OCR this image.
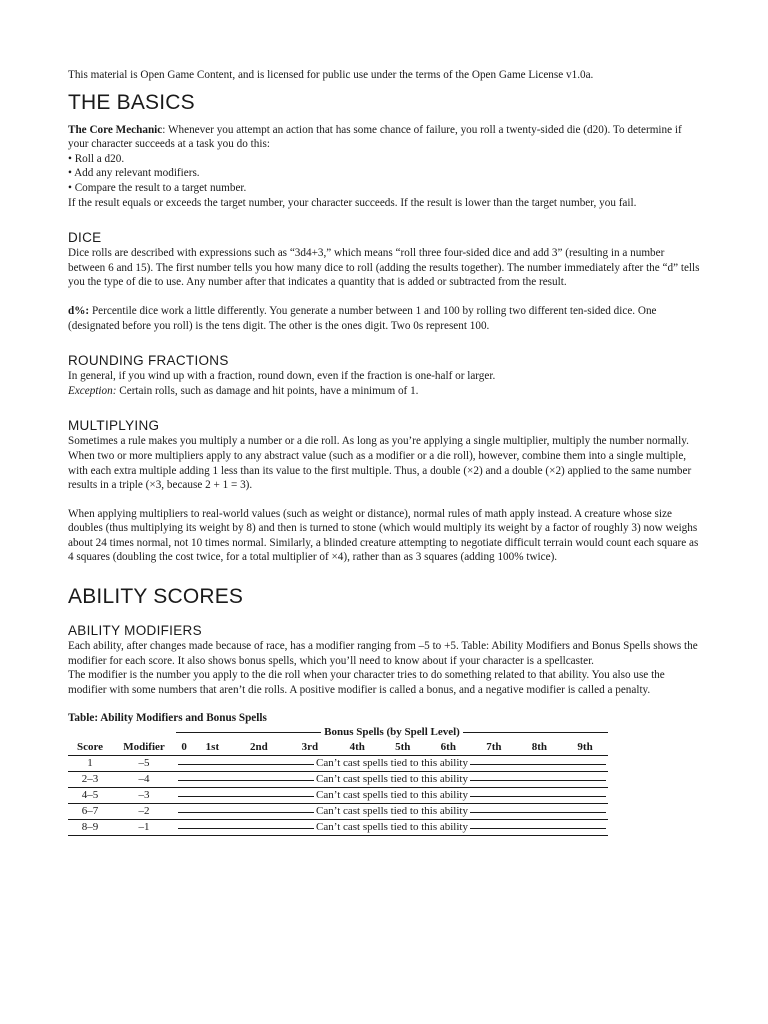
This material is Open Game Content, and is licensed for public use under the terms of the Open Game License v1.0a.

THE BASICS

The Core Mechanic: Whenever you attempt an action that has some chance of failure, you roll a twenty-sided die (d20). To determine if your character succeeds at a task you do this:

• Roll a d20.

• Add any relevant modifiers.

• Compare the result to a target number.

If the result equals or exceeds the target number, your character succeeds. If the result is lower than the target number, you fail.

DICE

Dice rolls are described with expressions such as “3d4+3,” which means “roll three four-sided dice and add 3” (resulting in a number between 6 and 15). The first number tells you how many dice to roll (adding the results together). The number immediately after the “d” tells you the type of die to use. Any number after that indicates a quantity that is added or subtracted from the result.

d%: Percentile dice work a little differently. You generate a number between 1 and 100 by rolling two different ten-sided dice. One (designated before you roll) is the tens digit. The other is the ones digit. Two 0s represent 100.

ROUNDING FRACTIONS

In general, if you wind up with a fraction, round down, even if the fraction is one-half or larger.

Exception: Certain rolls, such as damage and hit points, have a minimum of 1.

MULTIPLYING

Sometimes a rule makes you multiply a number or a die roll. As long as you’re applying a single multiplier, multiply the number normally. When two or more multipliers apply to any abstract value (such as a modifier or a die roll), however, combine them into a single multiple, with each extra multiple adding 1 less than its value to the first multiple. Thus, a double (×2) and a double (×2) applied to the same number results in a triple (×3, because 2 + 1 = 3).

When applying multipliers to real-world values (such as weight or distance), normal rules of math apply instead. A creature whose size doubles (thus multiplying its weight by 8) and then is turned to stone (which would multiply its weight by a factor of roughly 3) now weighs about 24 times normal, not 10 times normal. Similarly, a blinded creature attempting to negotiate difficult terrain would count each square as 4 squares (doubling the cost twice, for a total multiplier of ×4), rather than as 3 squares (adding 100% twice).

ABILITY SCORES
ABILITY MODIFIERS

Each ability, after changes made because of race, has a modifier ranging from –5 to +5. Table: Ability Modifiers and Bonus Spells shows the modifier for each score. It also shows bonus spells, which you’ll need to know about if your character is a spellcaster.

The modifier is the number you apply to the die roll when your character tries to do something related to that ability. You also use the modifier with some numbers that aren’t die rolls. A positive modifier is called a bonus, and a negative modifier is called a penalty.

Table: Ability Modifiers and Bonus Spells

Bonus Spells (by Spell Level)									
Score	Modifier	0	1st	2nd	3rd	4th	5th	6th	7th	8th	9th
1	–5	Can’t cast spells tied to this ability									
2–3	–4	Can’t cast spells tied to this ability									
4–5	–3	Can’t cast spells tied to this ability									
6–7	–2	Can’t cast spells tied to this ability									
8–9	–1	Can’t cast spells tied to this ability									
